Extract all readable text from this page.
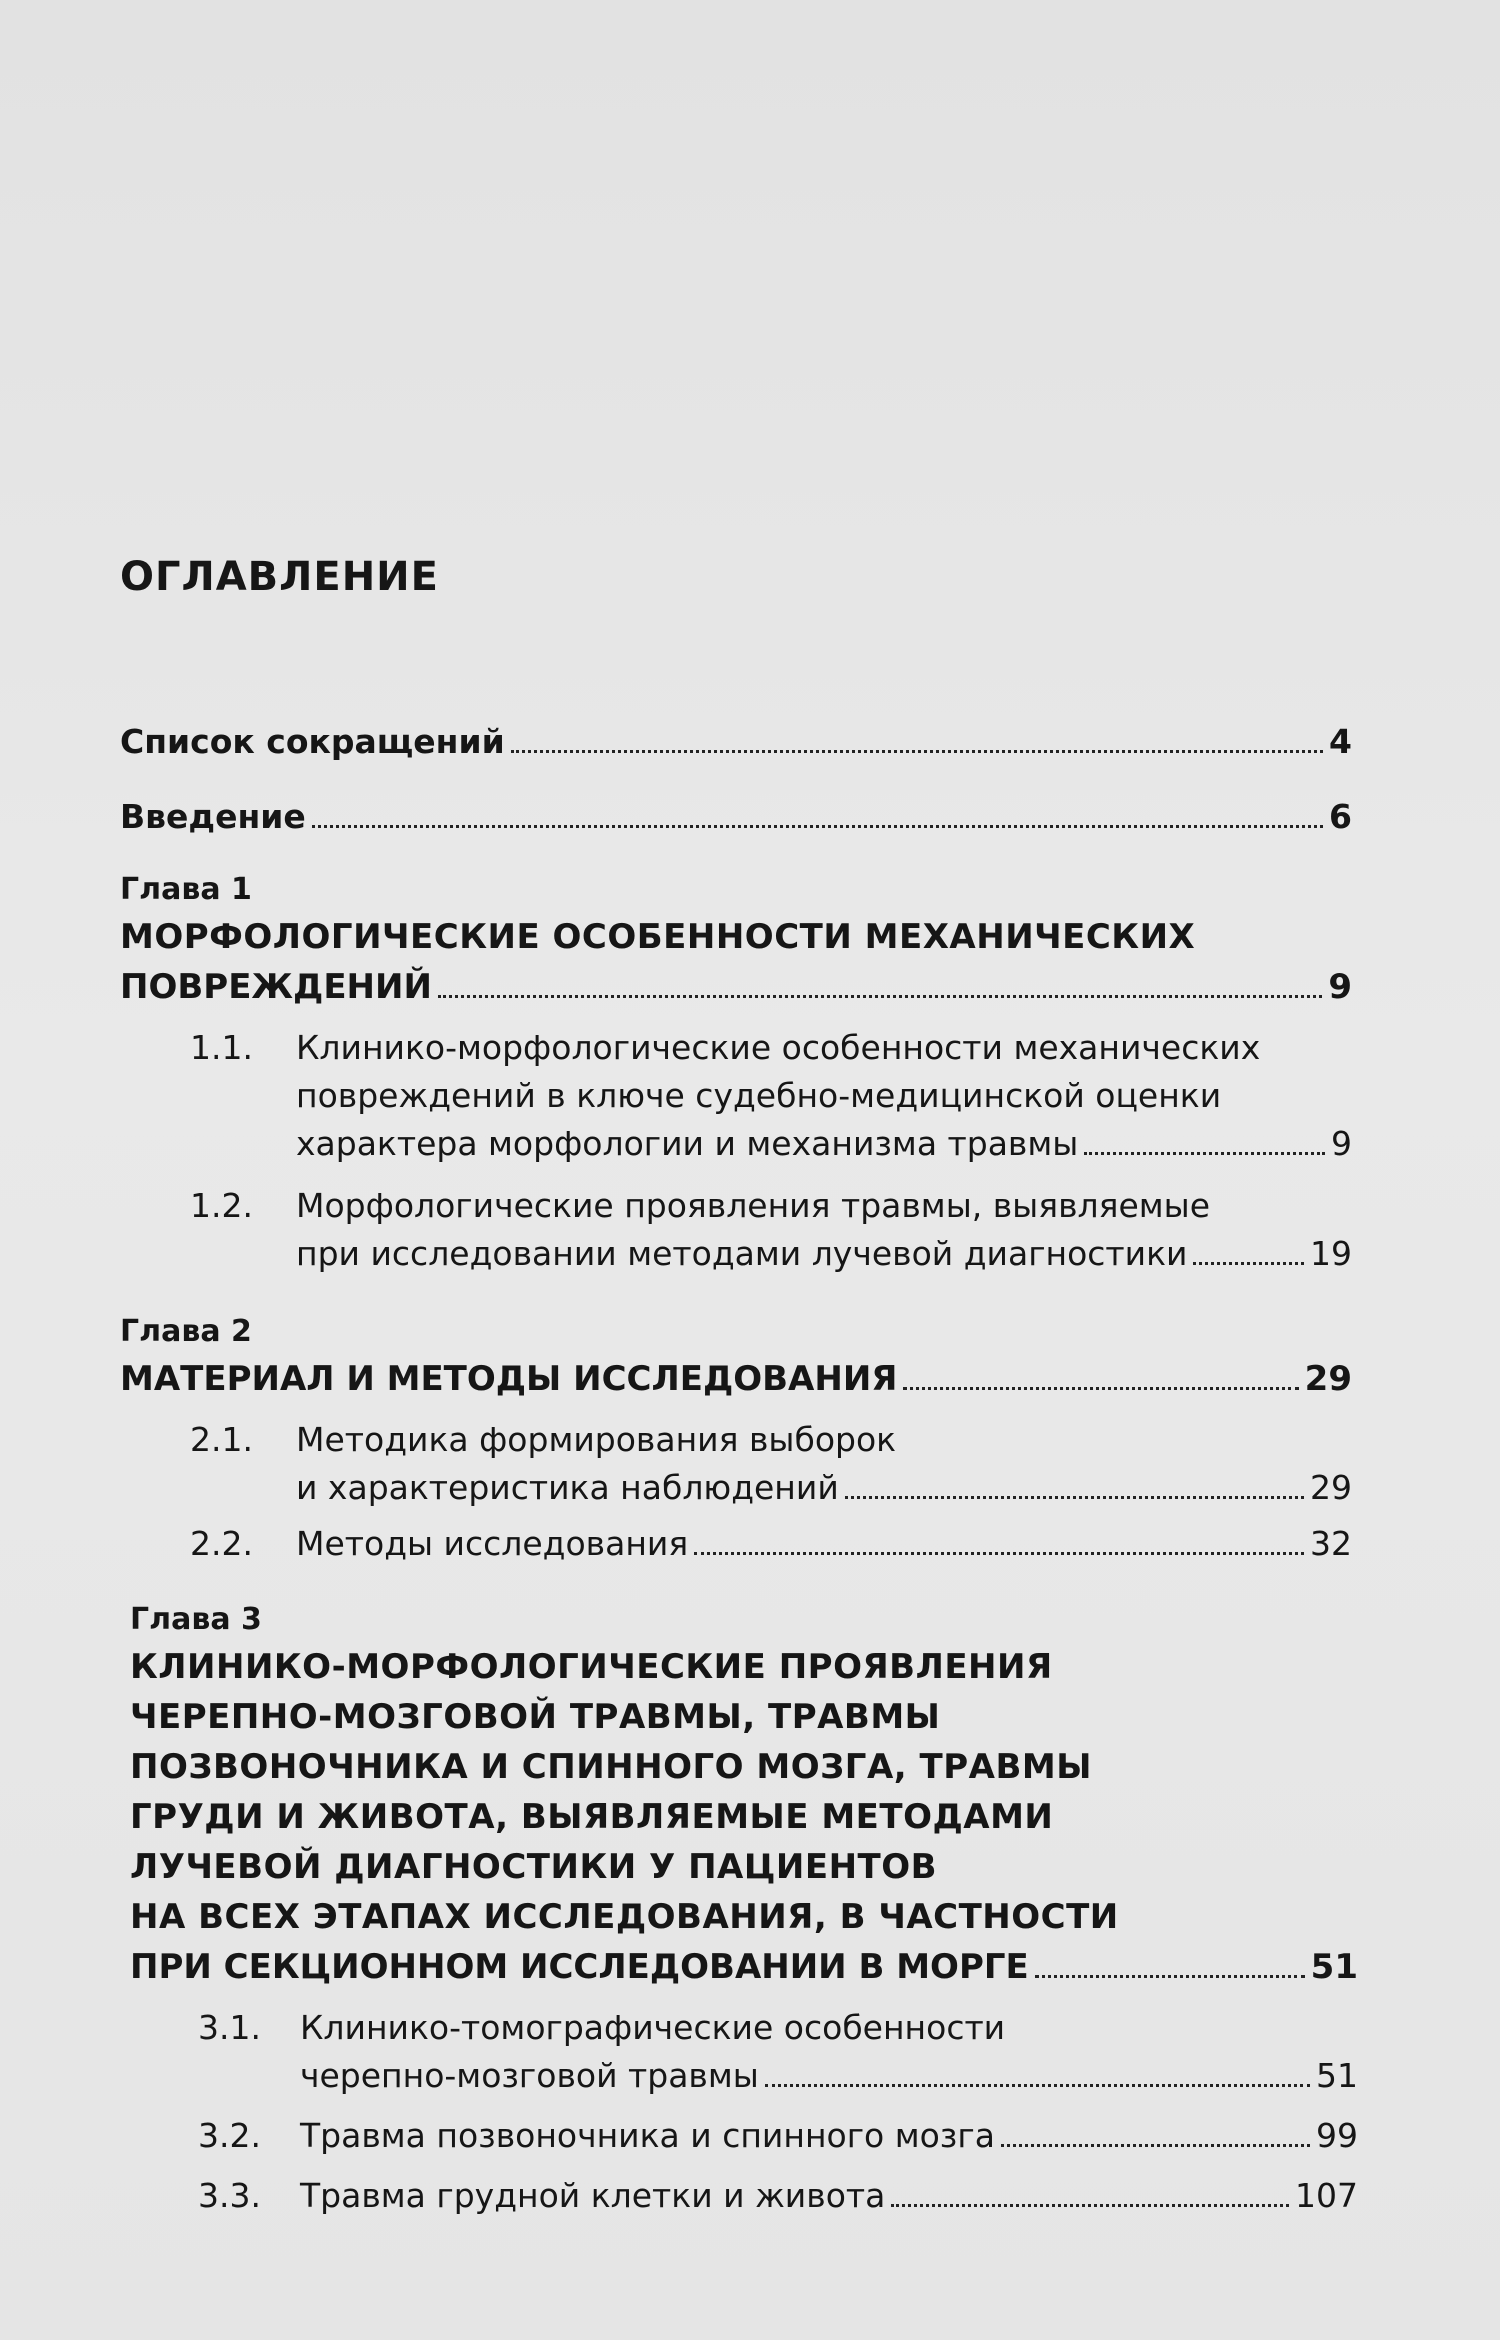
ОГЛАВЛЕНИЕ
Список сокращений	4
Введение	6
Глава 1
МОРФОЛОГИЧЕСКИЕ ОСОБЕННОСТИ МЕХАНИЧЕСКИХ
ПОВРЕЖДЕНИЙ	9
1.1. Клинико-морфологические особенности механических
повреждений в ключе судебно-медицинской оценки
характера морфологии и механизма травмы	9
1.2. Морфологические проявления травмы, выявляемые
при исследовании методами лучевой диагностики	19
Глава 2
МАТЕРИАЛ И МЕТОДЫ ИССЛЕДОВАНИЯ	29
2.1. Методика формирования выборок
и характеристика наблюдений	29
2.2. Методы исследования	32
Глава 3
КЛИНИКО-МОРФОЛОГИЧЕСКИЕ ПРОЯВЛЕНИЯ
ЧЕРЕПНО-МОЗГОВОЙ ТРАВМЫ, ТРАВМЫ
ПОЗВОНОЧНИКА И СПИННОГО МОЗГА, ТРАВМЫ
ГРУДИ И ЖИВОТА, ВЫЯВЛЯЕМЫЕ МЕТОДАМИ
ЛУЧЕВОЙ ДИАГНОСТИКИ У ПАЦИЕНТОВ
НА ВСЕХ ЭТАПАХ ИССЛЕДОВАНИЯ, В ЧАСТНОСТИ
ПРИ СЕКЦИОННОМ ИССЛЕДОВАНИИ В МОРГЕ	51
3.1. Клинико-томографические особенности
черепно-мозговой травмы	51
3.2. Травма позвоночника и спинного мозга	99
3.3. Травма грудной клетки и живота	107
